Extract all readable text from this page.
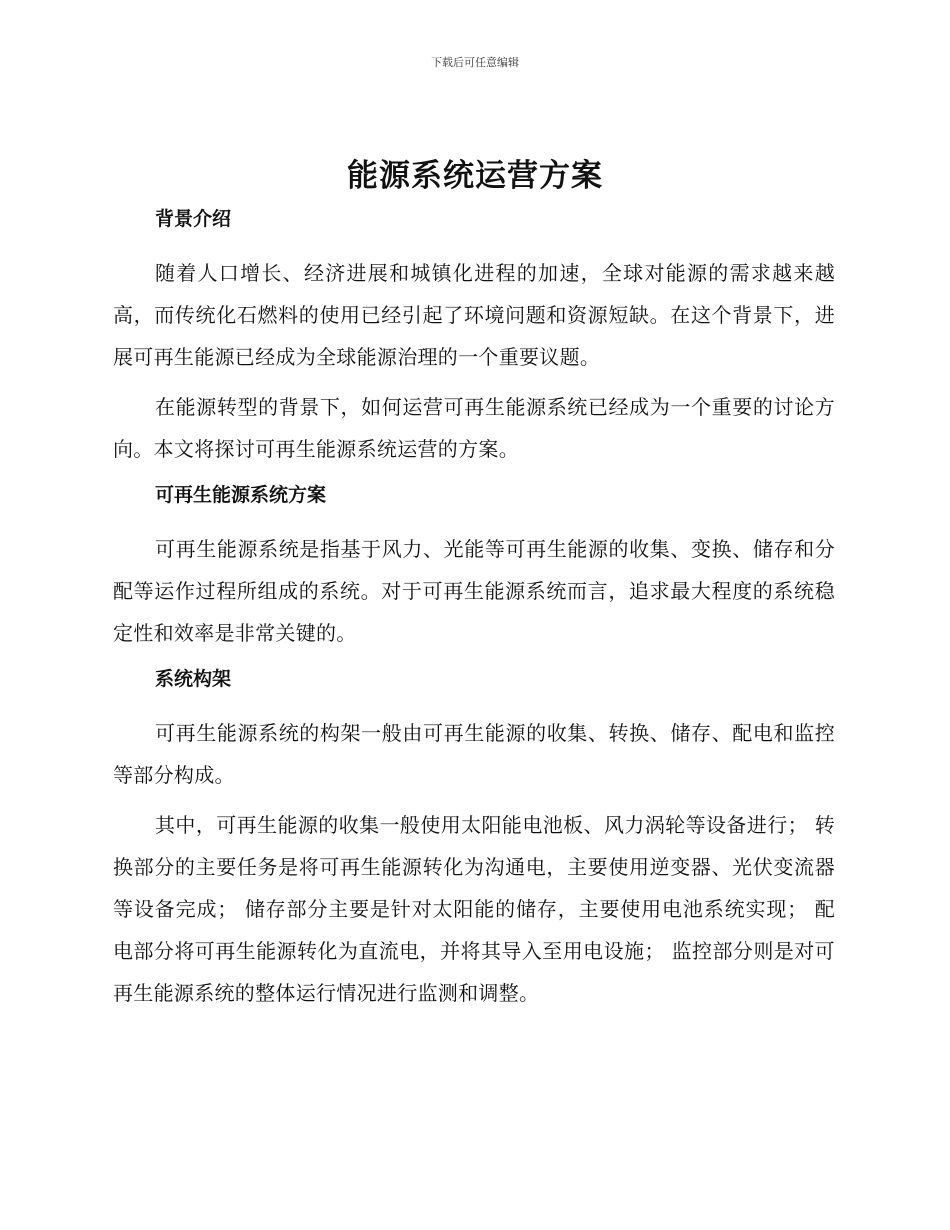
下载后可任意编辑
能源系统运营方案
背景介绍

随着人口增长、经济进展和城镇化进程的加速，全球对能源的需求越来越高，而传统化石燃料的使用已经引起了环境问题和资源短缺。在这个背景下，进展可再生能源已经成为全球能源治理的一个重要议题。

在能源转型的背景下，如何运营可再生能源系统已经成为一个重要的讨论方向。本文将探讨可再生能源系统运营的方案。

可再生能源系统方案

可再生能源系统是指基于风力、光能等可再生能源的收集、变换、储存和分配等运作过程所组成的系统。对于可再生能源系统而言，追求最大程度的系统稳定性和效率是非常关键的。

系统构架

可再生能源系统的构架一般由可再生能源的收集、转换、储存、配电和监控等部分构成。

其中，可再生能源的收集一般使用太阳能电池板、风力涡轮等设备进行； 转换部分的主要任务是将可再生能源转化为沟通电，主要使用逆变器、光伏变流器等设备完成； 储存部分主要是针对太阳能的储存，主要使用电池系统实现； 配电部分将可再生能源转化为直流电，并将其导入至用电设施； 监控部分则是对可再生能源系统的整体运行情况进行监测和调整。
